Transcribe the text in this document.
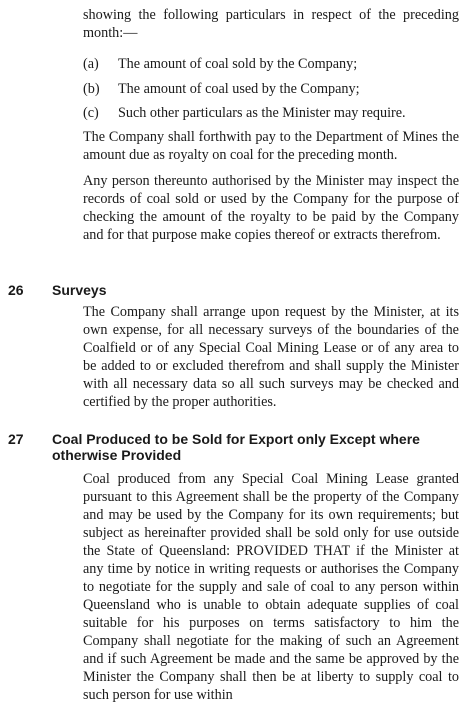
showing the following particulars in respect of the preceding month:—

(a) The amount of coal sold by the Company;
(b) The amount of coal used by the Company;
(c) Such other particulars as the Minister may require.

The Company shall forthwith pay to the Department of Mines the amount due as royalty on coal for the preceding month.

Any person thereunto authorised by the Minister may inspect the records of coal sold or used by the Company for the purpose of checking the amount of the royalty to be paid by the Company and for that purpose make copies thereof or extracts therefrom.

26 Surveys

The Company shall arrange upon request by the Minister, at its own expense, for all necessary surveys of the boundaries of the Coalfield or of any Special Coal Mining Lease or of any area to be added to or excluded therefrom and shall supply the Minister with all necessary data so all such surveys may be checked and certified by the proper authorities.

27 Coal Produced to be Sold for Export only Except where otherwise Provided

Coal produced from any Special Coal Mining Lease granted pursuant to this Agreement shall be the property of the Company and may be used by the Company for its own requirements; but subject as hereinafter provided shall be sold only for use outside the State of Queensland: PROVIDED THAT if the Minister at any time by notice in writing requests or authorises the Company to negotiate for the supply and sale of coal to any person within Queensland who is unable to obtain adequate supplies of coal suitable for his purposes on terms satisfactory to him the Company shall negotiate for the making of such an Agreement and if such Agreement be made and the same be approved by the Minister the Company shall then be at liberty to supply coal to such person for use within
